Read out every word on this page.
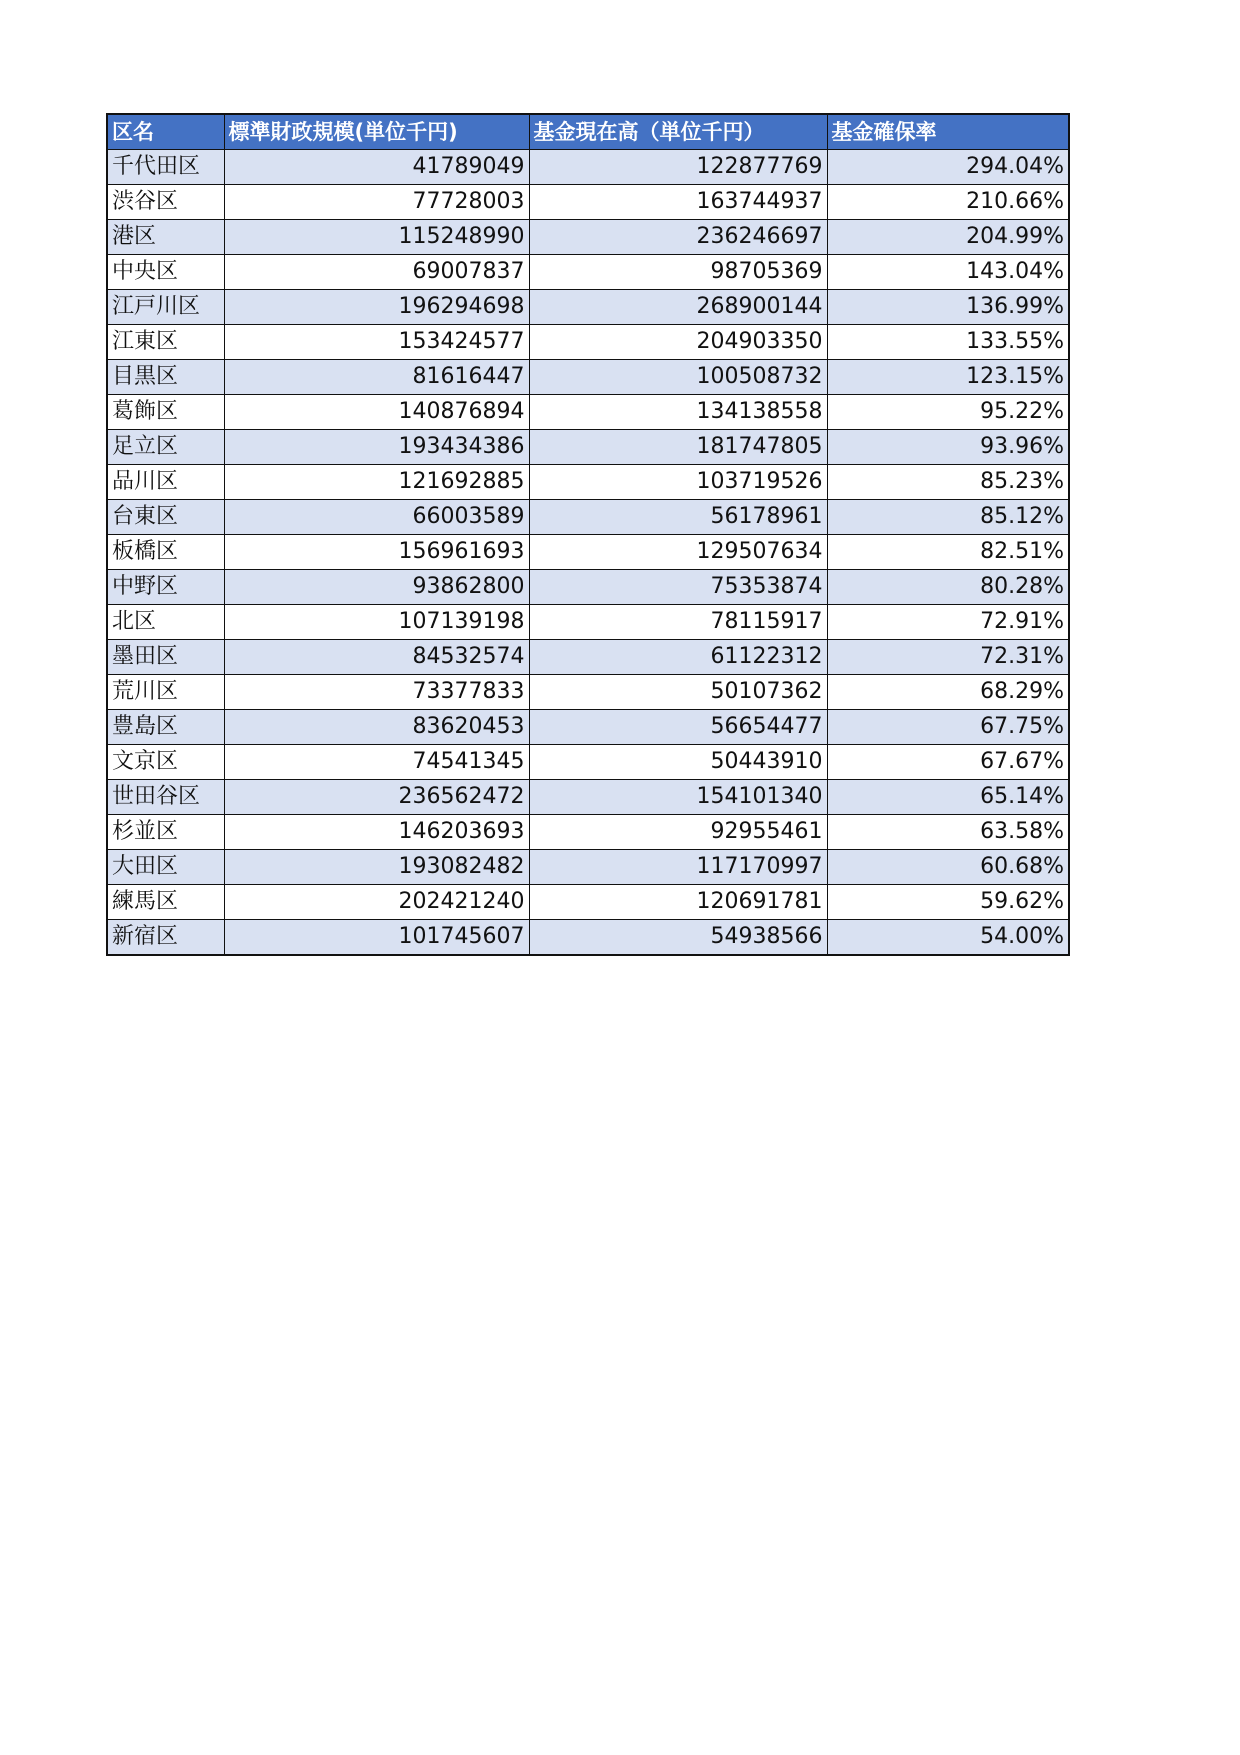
区名	標準財政規模(単位千円)	基金現在高（単位千円）	基金確保率
千代田区	41789049	122877769	294.04%
渋谷区	77728003	163744937	210.66%
港区	115248990	236246697	204.99%
中央区	69007837	98705369	143.04%
江戸川区	196294698	268900144	136.99%
江東区	153424577	204903350	133.55%
目黒区	81616447	100508732	123.15%
葛飾区	140876894	134138558	95.22%
足立区	193434386	181747805	93.96%
品川区	121692885	103719526	85.23%
台東区	66003589	56178961	85.12%
板橋区	156961693	129507634	82.51%
中野区	93862800	75353874	80.28%
北区	107139198	78115917	72.91%
墨田区	84532574	61122312	72.31%
荒川区	73377833	50107362	68.29%
豊島区	83620453	56654477	67.75%
文京区	74541345	50443910	67.67%
世田谷区	236562472	154101340	65.14%
杉並区	146203693	92955461	63.58%
大田区	193082482	117170997	60.68%
練馬区	202421240	120691781	59.62%
新宿区	101745607	54938566	54.00%
